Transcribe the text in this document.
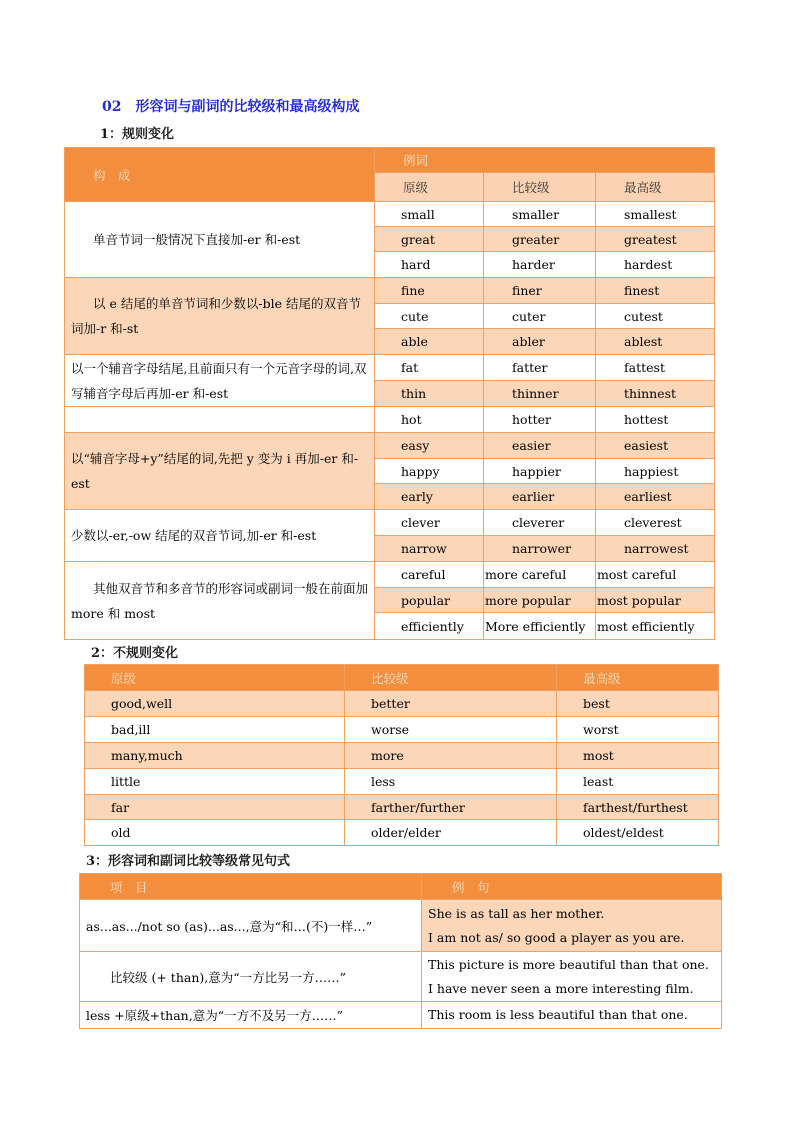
02 形容词与副词的比较级和最高级构成
1：规则变化
构　成	例词		
	原级	比较级	最高级
单音节词一般情况下直接加-er 和-est	small	smaller	smallest
	great	greater	greatest
	hard	harder	hardest
以 e 结尾的单音节词和少数以-ble 结尾的双音节词加-r 和-st	fine	finer	finest
	cute	cuter	cutest
	able	abler	ablest
以一个辅音字母结尾,且前面只有一个元音字母的词,双写辅音字母后再加-er 和-est	fat	fatter	fattest
	thin	thinner	thinnest
	hot	hotter	hottest
以“辅音字母+y”结尾的词,先把 y 变为 i 再加-er 和-est	easy	easier	easiest
	happy	happier	happiest
	early	earlier	earliest
少数以-er,-ow 结尾的双音节词,加-er 和-est	clever	cleverer	cleverest
	narrow	narrower	narrowest
其他双音节和多音节的形容词或副词一般在前面加 more 和 most	careful	more careful	most careful
	popular	more popular	most popular
	efficiently	More efficiently	most efficiently
2：不规则变化
原级	比较级	最高级
good,well	better	best
bad,ill	worse	worst
many,much	more	most
little	less	least
far	farther/further	farthest/furthest
old	older/elder	oldest/eldest
3：形容词和副词比较等级常见句式
项　目	例　句
as...as.../not so (as)...as...,意为“和…(不)一样…”	She is as tall as her mother.
I am not as/ so good a player as you are.

比较级 (+ than),意为“一方比另一方……”	This picture is more beautiful than that one.
I have never seen a more interesting film.

less +原级+than,意为“一方不及另一方……”	This room is less beautiful than that one.
